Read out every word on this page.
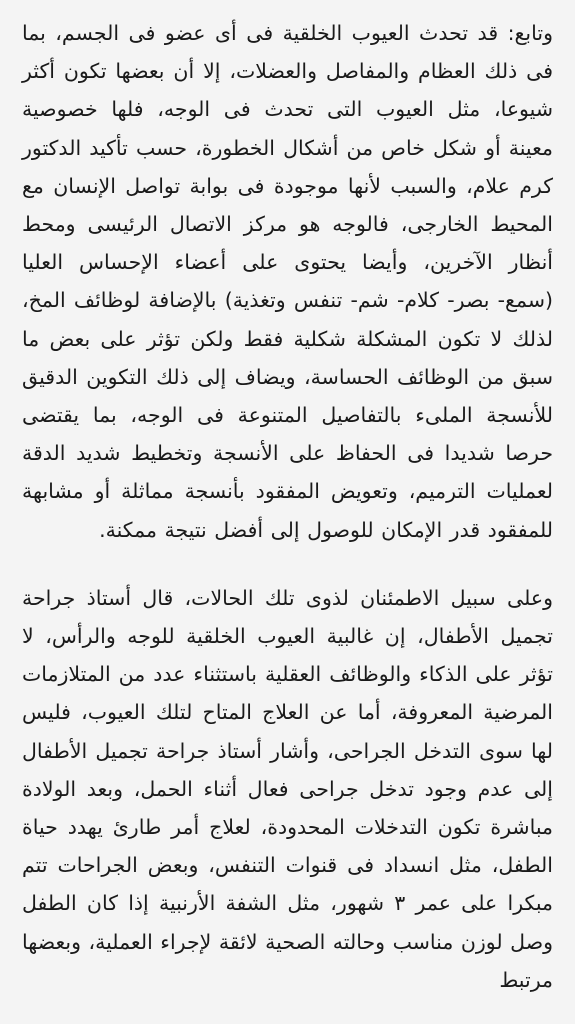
وتابع: قد تحدث العيوب الخلقية فى أى عضو فى الجسم، بما فى ذلك العظام والمفاصل والعضلات، إلا أن بعضها تكون أكثر شيوعا، مثل العيوب التى تحدث فى الوجه، فلها خصوصية معينة أو شكل خاص من أشكال الخطورة، حسب تأكيد الدكتور كرم علام، والسبب لأنها موجودة فى بوابة تواصل الإنسان مع المحيط الخارجى، فالوجه هو مركز الاتصال الرئيسى ومحط أنظار الآخرين، وأيضا يحتوى على أعضاء الإحساس العليا (سمع- بصر- كلام- شم- تنفس وتغذية) بالإضافة لوظائف المخ، لذلك لا تكون المشكلة شكلية فقط ولكن تؤثر على بعض ما سبق من الوظائف الحساسة، ويضاف إلى ذلك التكوين الدقيق للأنسجة الملىء بالتفاصيل المتنوعة فى الوجه، بما يقتضى حرصا شديدا فى الحفاظ على الأنسجة وتخطيط شديد الدقة لعمليات الترميم، وتعويض المفقود بأنسجة مماثلة أو مشابهة للمفقود قدر الإمكان للوصول إلى أفضل نتيجة ممكنة.

وعلى سبيل الاطمئنان لذوى تلك الحالات، قال أستاذ جراحة تجميل الأطفال، إن غالبية العيوب الخلقية للوجه والرأس، لا تؤثر على الذكاء والوظائف العقلية باستثناء عدد من المتلازمات المرضية المعروفة، أما عن العلاج المتاح لتلك العيوب، فليس لها سوى التدخل الجراحى، وأشار أستاذ جراحة تجميل الأطفال إلى عدم وجود تدخل جراحى فعال أثناء الحمل، وبعد الولادة مباشرة تكون التدخلات المحدودة، لعلاج أمر طارئ يهدد حياة الطفل، مثل انسداد فى قنوات التنفس، وبعض الجراحات تتم مبكرا على عمر ٣ شهور، مثل الشفة الأرنبية إذا كان الطفل وصل لوزن مناسب وحالته الصحية لائقة لإجراء العملية، وبعضها مرتبط
